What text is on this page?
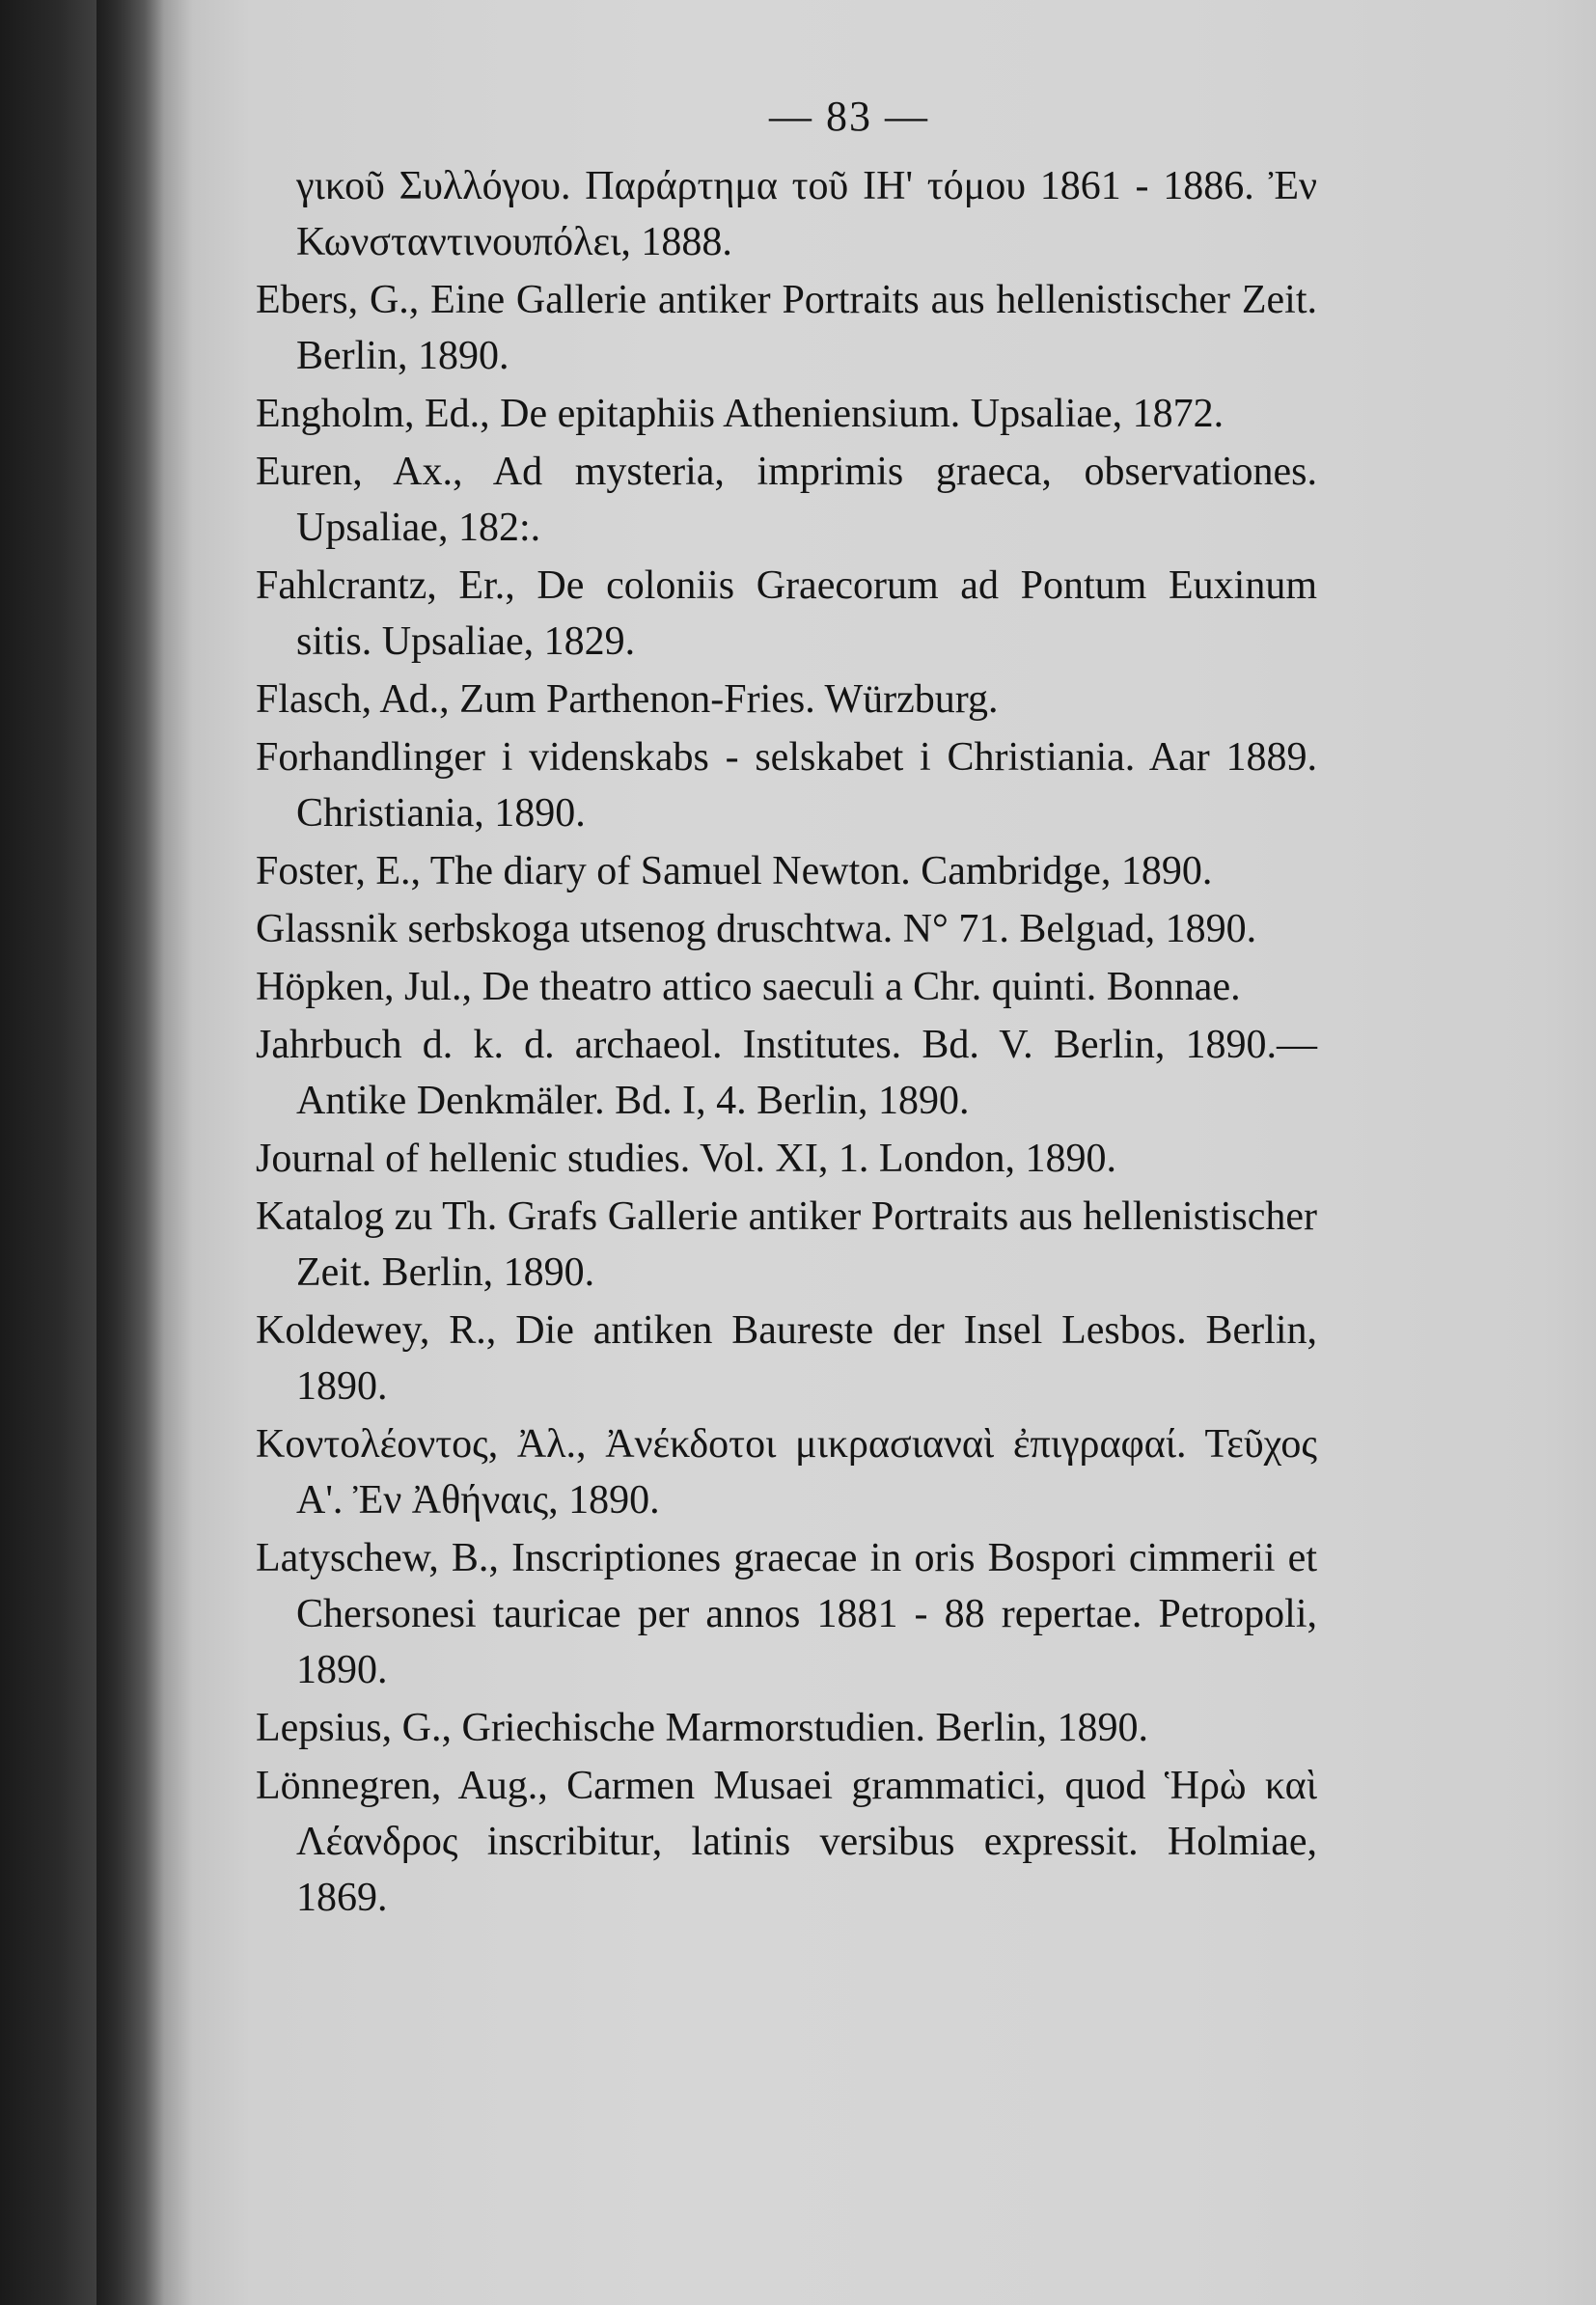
— 83 —

γικοῦ Συλλόγου. Παράρτημα τοῦ ΙΗ' τόμου 1861 - 1886. Ἐν Κωνσταντινουπόλει, 1888.

Ebers, G., Eine Gallerie antiker Portraits aus hellenistischer Zeit. Berlin, 1890.

Engholm, Ed., De epitaphiis Atheniensium. Upsaliae, 1872.

Euren, Ax., Ad mysteria, imprimis graeca, observationes. Upsaliae, 182:.

Fahlcrantz, Er., De coloniis Graecorum ad Pontum Euxinum sitis. Upsaliae, 1829.

Flasch, Ad., Zum Parthenon-Fries. Würzburg.

Forhandlinger i videnskabs - selskabet i Christiania. Aar 1889. Christiania, 1890.

Foster, E., The diary of Samuel Newton. Cambridge, 1890.

Glassnik serbskoga utsenog druschtwa. N° 71. Belgιad, 1890.

Höpken, Jul., De theatro attico saeculi a Chr. quinti. Bonnae.

Jahrbuch d. k. d. archaeol. Institutes. Bd. V. Berlin, 1890.— Antike Denkmäler. Bd. I, 4. Berlin, 1890.

Journal of hellenic studies. Vol. XI, 1. London, 1890.

Katalog zu Th. Grafs Gallerie antiker Portraits aus hellenistischer Zeit. Berlin, 1890.

Koldewey, R., Die antiken Baureste der Insel Lesbos. Berlin, 1890.

Κοντολέοντος, Ἀλ., Ἀνέκδοτοι μικρασιαναὶ ἐπιγραφαί. Τεῦχος Α'. Ἐν Ἀθήναις, 1890.

Latyschew, B., Inscriptiones graecae in oris Bospori cimmerii et Chersonesi tauricae per annos 1881 - 88 repertae. Petropoli, 1890.

Lepsius, G., Griechische Marmorstudien. Berlin, 1890.

Lönnegren, Aug., Carmen Musaei grammatici, quod Ἡρὼ καὶ Λέανδρος inscribitur, latinis versibus expressit. Holmiae, 1869.
